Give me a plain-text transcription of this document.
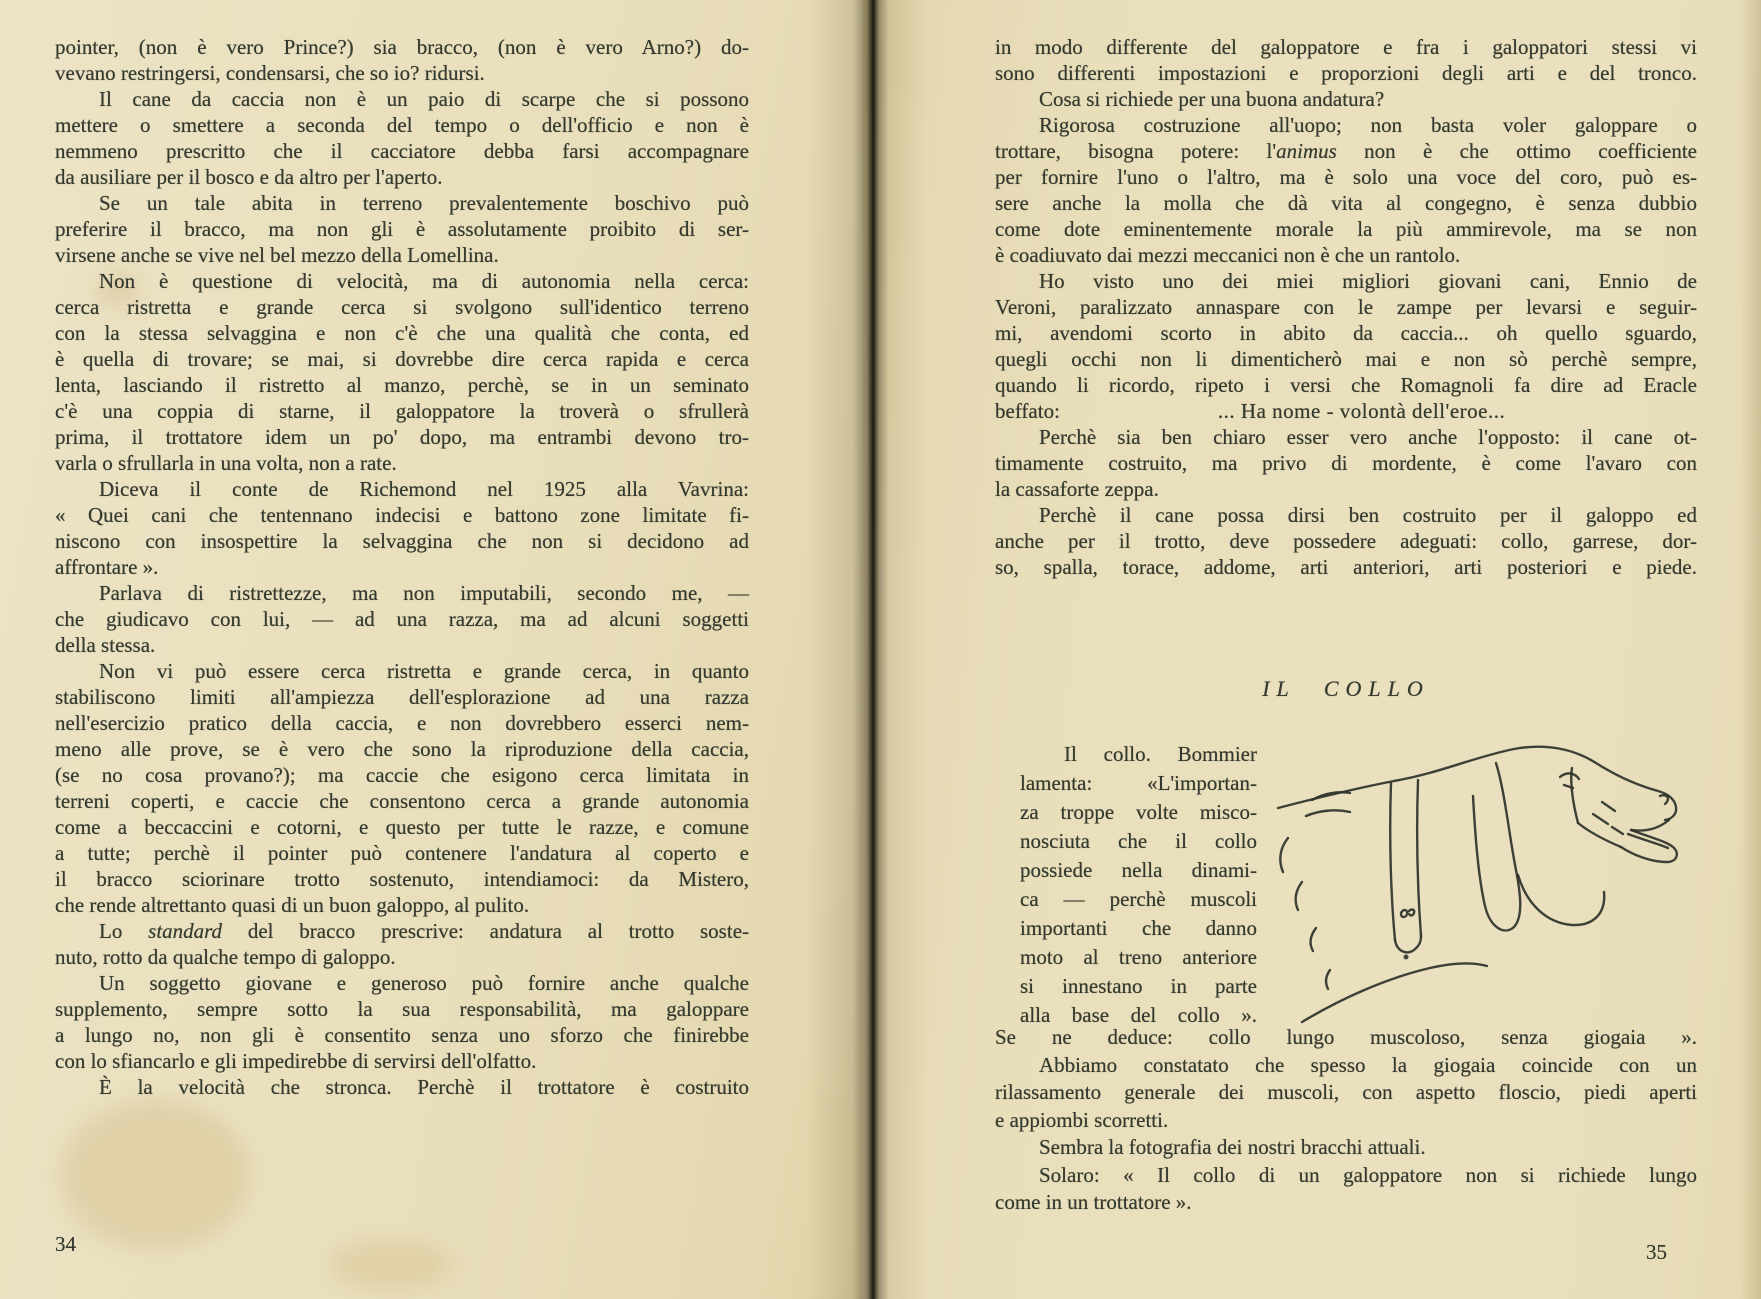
pointer, (non è vero Prince?) sia bracco, (non è vero Arno?) do-
vevano restringersi, condensarsi, che so io? ridursi.
Il cane da caccia non è un paio di scarpe che si possono
mettere o smettere a seconda del tempo o dell'officio e non è
nemmeno prescritto che il cacciatore debba farsi accompagnare
da ausiliare per il bosco e da altro per l'aperto.
Se un tale abita in terreno prevalentemente boschivo può
preferire il bracco, ma non gli è assolutamente proibito di ser-
virsene anche se vive nel bel mezzo della Lomellina.
Non è questione di velocità, ma di autonomia nella cerca:
cerca ristretta e grande cerca si svolgono sull'identico terreno
con la stessa selvaggina e non c'è che una qualità che conta, ed
è quella di trovare; se mai, si dovrebbe dire cerca rapida e cerca
lenta, lasciando il ristretto al manzo, perchè, se in un seminato
c'è una coppia di starne, il galoppatore la troverà o sfrullerà
prima, il trottatore idem un po' dopo, ma entrambi devono tro-
varla o sfrullarla in una volta, non a rate.
Diceva il conte de Richemond nel 1925 alla Vavrina:
« Quei cani che tentennano indecisi e battono zone limitate fi-
niscono con insospettire la selvaggina che non si decidono ad
affrontare ».
Parlava di ristrettezze, ma non imputabili, secondo me, —
che giudicavo con lui, — ad una razza, ma ad alcuni soggetti
della stessa.
Non vi può essere cerca ristretta e grande cerca, in quanto
stabiliscono limiti all'ampiezza dell'esplorazione ad una razza
nell'esercizio pratico della caccia, e non dovrebbero esserci nem-
meno alle prove, se è vero che sono la riproduzione della caccia,
(se no cosa provano?); ma caccie che esigono cerca limitata in
terreni coperti, e caccie che consentono cerca a grande autonomia
come a beccaccini e cotorni, e questo per tutte le razze, e comune
a tutte; perchè il pointer può contenere l'andatura al coperto e
il bracco sciorinare trotto sostenuto, intendiamoci: da Mistero,
che rende altrettanto quasi di un buon galoppo, al pulito.
Lo standard del bracco prescrive: andatura al trotto soste-
nuto, rotto da qualche tempo di galoppo.
Un soggetto giovane e generoso può fornire anche qualche
supplemento, sempre sotto la sua responsabilità, ma galoppare
a lungo no, non gli è consentito senza uno sforzo che finirebbe
con lo sfiancarlo e gli impedirebbe di servirsi dell'olfatto.
È la velocità che stronca. Perchè il trottatore è costruito
in modo differente del galoppatore e fra i galoppatori stessi vi
sono differenti impostazioni e proporzioni degli arti e del tronco.
Cosa si richiede per una buona andatura?
Rigorosa costruzione all'uopo; non basta voler galoppare o
trottare, bisogna potere: l'animus non è che ottimo coefficiente
per fornire l'uno o l'altro, ma è solo una voce del coro, può es-
sere anche la molla che dà vita al congegno, è senza dubbio
come dote eminentemente morale la più ammirevole, ma se non
è coadiuvato dai mezzi meccanici non è che un rantolo.
Ho visto uno dei miei migliori giovani cani, Ennio de
Veroni, paralizzato annaspare con le zampe per levarsi e seguir-
mi, avendomi scorto in abito da caccia... oh quello sguardo,
quegli occhi non li dimenticherò mai e non sò perchè sempre,
quando li ricordo, ripeto i versi che Romagnoli fa dire ad Eracle
beffato:	... Ha nome - volontà dell'eroe...
Perchè sia ben chiaro esser vero anche l'opposto: il cane ot-
timamente costruito, ma privo di mordente, è come l'avaro con
la cassaforte zeppa.
Perchè il cane possa dirsi ben costruito per il galoppo ed
anche per il trotto, deve possedere adeguati: collo, garrese, dor-
so, spalla, torace, addome, arti anteriori, arti posteriori e piede.
IL COLLO
Il collo. Bommier
lamenta: «L'importan-
za troppe volte misco-
nosciuta che il collo
possiede nella dinami-
ca — perchè muscoli
importanti che danno
moto al treno anteriore
si innestano in parte
alla base del collo ».
Se ne deduce: collo lungo muscoloso, senza giogaia ».
Abbiamo constatato che spesso la giogaia coincide con un
rilassamento generale dei muscoli, con aspetto floscio, piedi aperti
e appiombi scorretti.
Sembra la fotografia dei nostri bracchi attuali.
Solaro: « Il collo di un galoppatore non si richiede lungo
come in un trottatore ».
34	35
